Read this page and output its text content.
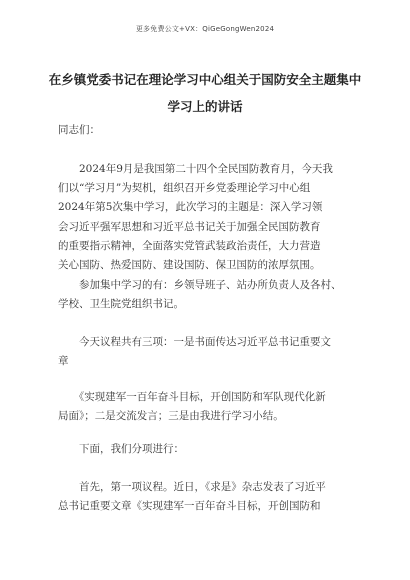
更多免费公文+VX：QiGeGongWen2024
在乡镇党委书记在理论学习中心组关于国防安全主题集中
学习上的讲话

同志们：

　　2024年9月是我国第二十四个全民国防教育月，今天我
们以“学习月”为契机，组织召开乡党委理论学习中心组
2024年第5次集中学习，此次学习的主题是：深入学习领
会习近平强军思想和习近平总书记关于加强全民国防教育
的重要指示精神，全面落实党管武装政治责任，大力营造
关心国防、热爱国防、建设国防、保卫国防的浓厚氛围。

　　参加集中学习的有：乡领导班子、站办所负责人及各村、
学校、卫生院党组织书记。

　　今天议程共有三项：一是书面传达习近平总书记重要文
章

　　《实现建军一百年奋斗目标，开创国防和军队现代化新
局面》；二是交流发言；三是由我进行学习小结。

　　下面，我们分项进行：

　　首先，第一项议程。近日，《求是》杂志发表了习近平
总书记重要文章《实现建军一百年奋斗目标，开创国防和
